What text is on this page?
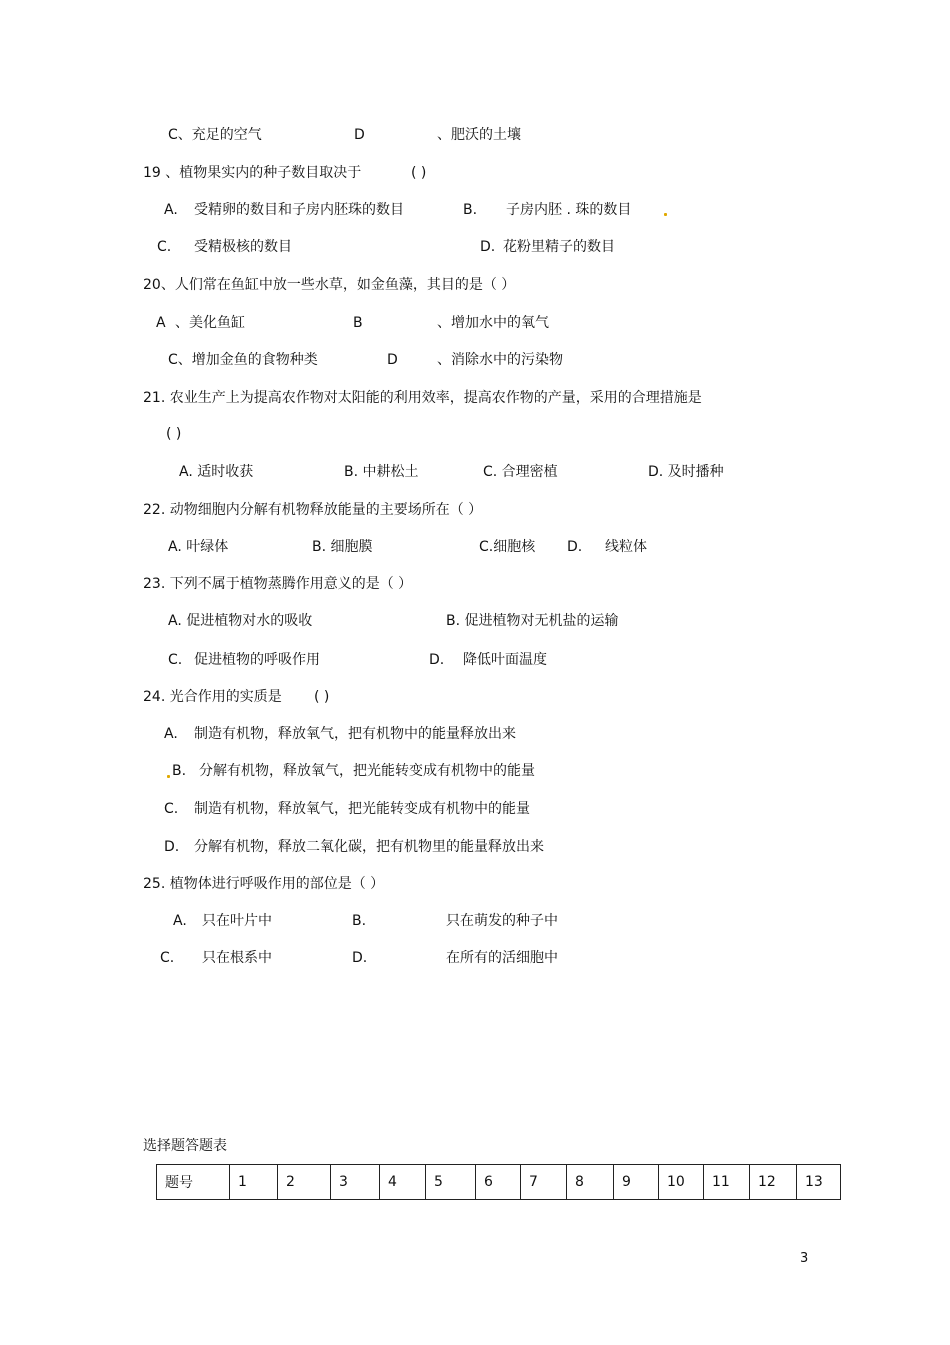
C、充足的空气	D	、肥沃的土壤
19 、植物果实内的种子数目取决于	( )
A. 受精卵的数目和子房内胚珠的数目	B. 子房内胚 . 珠的数目
C. 受精极核的数目	D. 花粉里精子的数目
20、人们常在鱼缸中放一些水草，如金鱼藻，其目的是（ ）
A 、美化鱼缸	B	、增加水中的氧气
C、增加金鱼的食物种类	D	、消除水中的污染物
21. 农业生产上为提高农作物对太阳能的利用效率，提高农作物的产量，采用的合理措施是
( )
A. 适时收获	B. 中耕松土	C. 合理密植	D. 及时播种
22. 动物细胞内分解有机物释放能量的主要场所在（ ）
A. 叶绿体	B. 细胞膜	C.细胞核 D. 线粒体
23. 下列不属于植物蒸腾作用意义的是（ ）
A. 促进植物对水的吸收	B. 促进植物对无机盐的运输
C. 促进植物的呼吸作用	D. 降低叶面温度
24. 光合作用的实质是 ( )
A. 制造有机物，释放氧气，把有机物中的能量释放出来
B. 分解有机物，释放氧气，把光能转变成有机物中的能量
C. 制造有机物，释放氧气，把光能转变成有机物中的能量
D. 分解有机物，释放二氧化碳，把有机物里的能量释放出来
25. 植物体进行呼吸作用的部位是（ ）
A. 只在叶片中	B.	只在萌发的种子中
C. 只在根系中	D.	在所有的活细胞中
选择题答题表
题号	1	2	3	4	5	6	7	8	9	10	11	12	13
3
